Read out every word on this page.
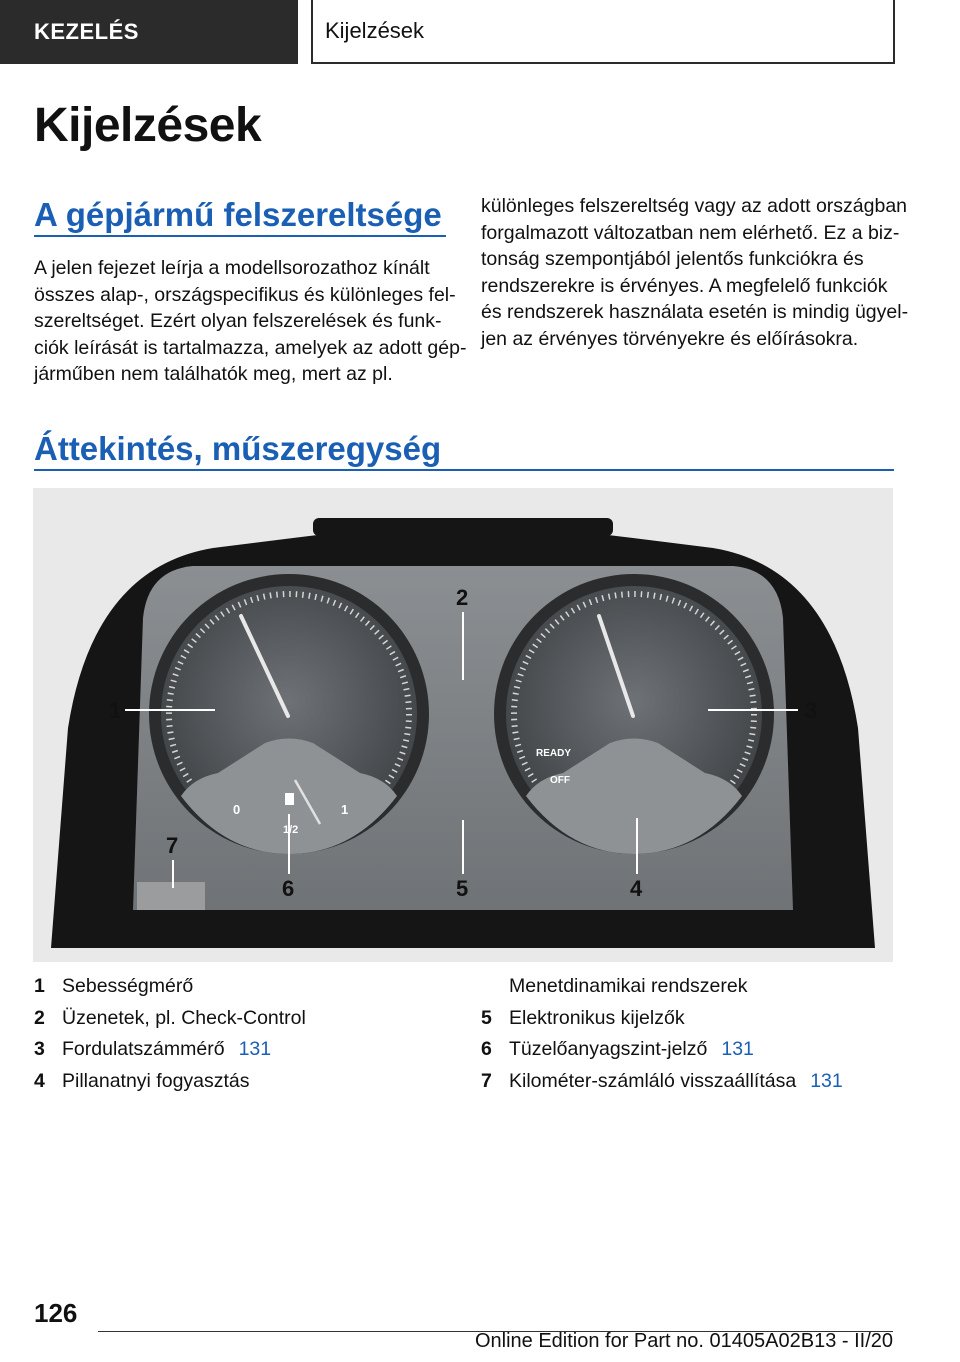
KEZELÉS	Kijelzések
Kijelzések
A gépjármű felszereltsége
A jelen fejezet leírja a modellsorozathoz kínált
összes alap-, országspecifikus és különleges fel‐
szereltséget. Ezért olyan felszerelések és funk‐
ciók leírását is tartalmazza, amelyek az adott gép‐
járműben nem találhatók meg, mert az pl.
különleges felszereltség vagy az adott országban
forgalmazott változatban nem elérhető. Ez a biz‐
tonság szempontjából jelentős funkciókra és
rendszerekre is érvényes. A megfelelő funkciók
és rendszerek használata esetén is mindig ügyel‐
jen az érvényes törvényekre és előírásokra.
Áttekintés, műszeregység
0
1/2
1
READY
OFF
1
2
3
4
5
6
7
1 Sebességmérő
2 Üzenetek, pl. Check-Control
3 Fordulatszámmérő 131
4 Pillanatnyi fogyasztás
Menetdinamikai rendszerek
5 Elektronikus kijelzők
6 Tüzelőanyagszint-jelző 131
7 Kilométer-számláló visszaállítása 131
126
Online Edition for Part no. 01405A02B13 - II/20
